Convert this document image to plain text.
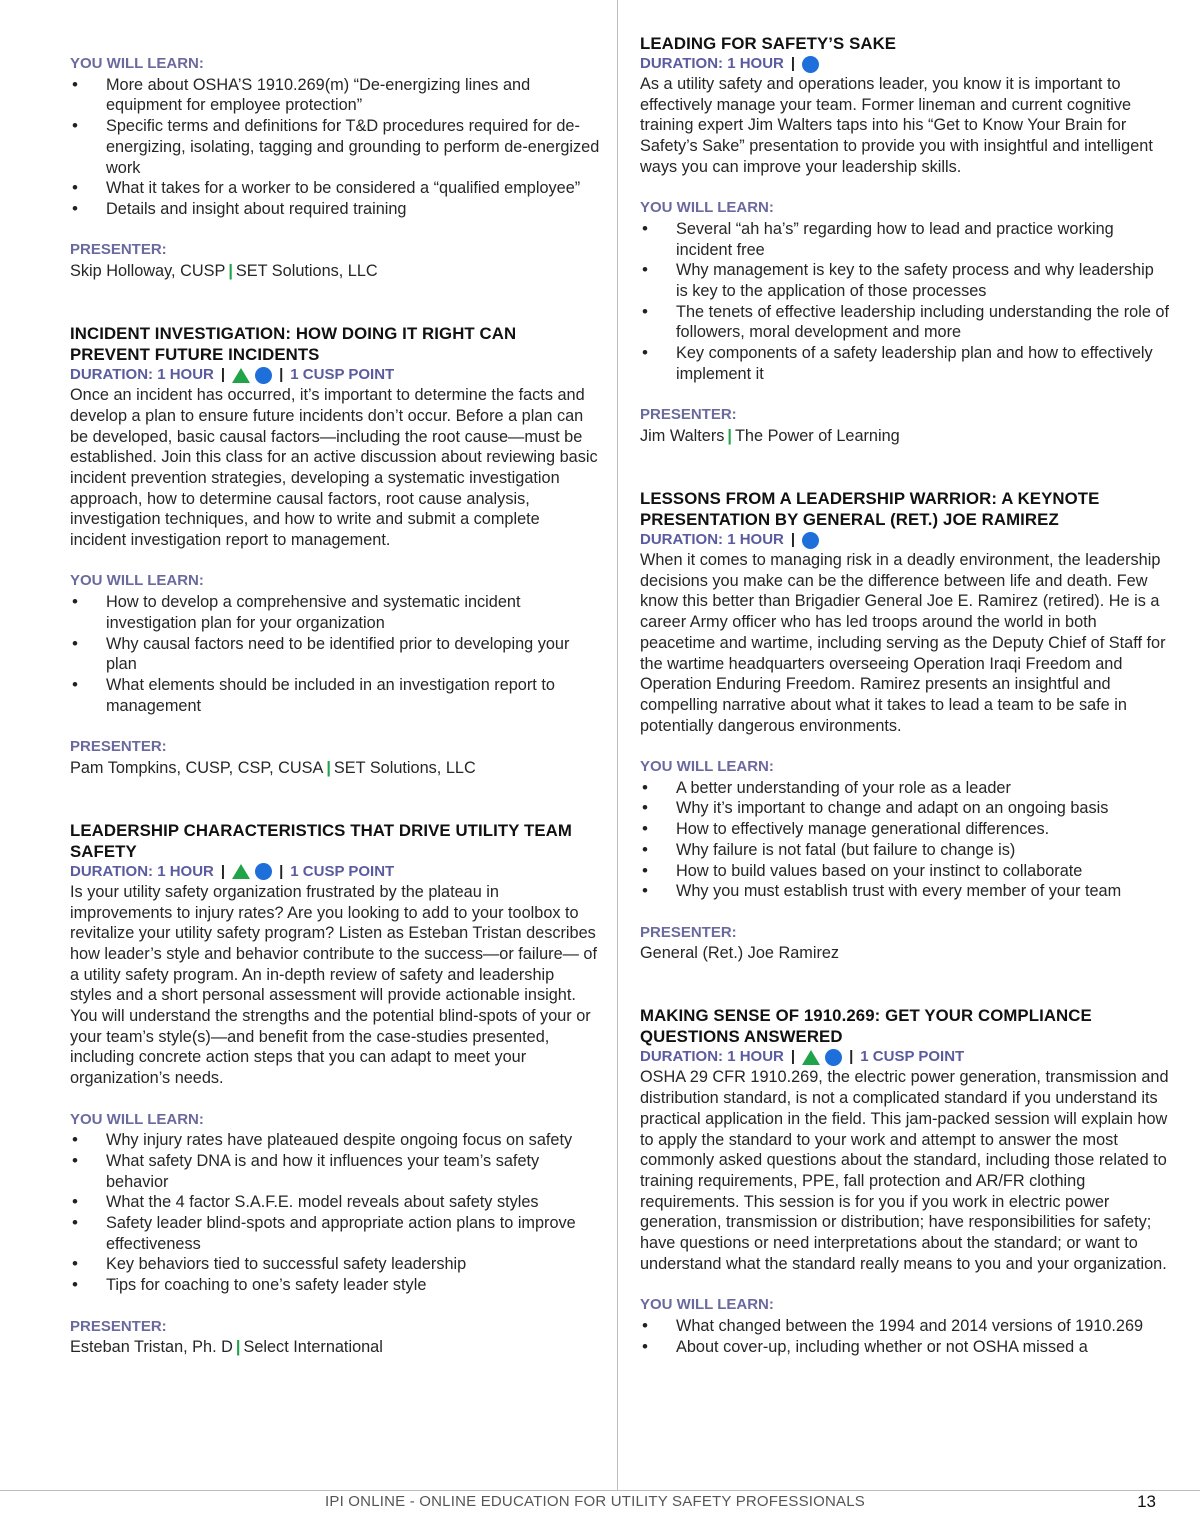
YOU WILL LEARN:

• More about OSHA’S 1910.269(m) “De-energizing lines and equipment for employee protection”
• Specific terms and definitions for T&D procedures required for de-energizing, isolating, tagging and grounding to perform de-energized work
• What it takes for a worker to be considered a “qualified employee”
• Details and insight about required training

PRESENTER:

Skip Holloway, CUSP | SET Solutions, LLC

INCIDENT INVESTIGATION: HOW DOING IT RIGHT CAN PREVENT FUTURE INCIDENTS
DURATION: 1 HOUR |	| 1 CUSP POINT

Once an incident has occurred, it’s important to determine the facts and develop a plan to ensure future incidents don’t occur. Before a plan can be developed, basic causal factors—including the root cause—must be established. Join this class for an active discussion about reviewing basic incident prevention strategies, developing a systematic investigation approach, how to determine causal factors, root cause analysis, investigation techniques, and how to write and submit a complete incident investigation report to management.

YOU WILL LEARN:

• How to develop a comprehensive and systematic incident investigation plan for your organization
• Why causal factors need to be identified prior to developing your plan
• What elements should be included in an investigation report to management

PRESENTER:

Pam Tompkins, CUSP, CSP, CUSA | SET Solutions, LLC

LEADERSHIP CHARACTERISTICS THAT DRIVE UTILITY TEAM SAFETY
DURATION: 1 HOUR |	| 1 CUSP POINT

Is your utility safety organization frustrated by the plateau in improvements to injury rates? Are you looking to add to your toolbox to revitalize your utility safety program? Listen as Esteban Tristan describes how leader’s style and behavior contribute to the success—or failure— of a utility safety program. An in-depth review of safety and leadership styles and a short personal assessment will provide actionable insight. You will understand the strengths and the potential blind-spots of your or your team’s style(s)—and benefit from the case-studies presented, including concrete action steps that you can adapt to meet your organization’s needs.

YOU WILL LEARN:

• Why injury rates have plateaued despite ongoing focus on safety
• What safety DNA is and how it influences your team’s safety behavior
• What the 4 factor S.A.F.E. model reveals about safety styles
• Safety leader blind-spots and appropriate action plans to improve effectiveness
• Key behaviors tied to successful safety leadership
• Tips for coaching to one’s safety leader style

PRESENTER:

Esteban Tristan, Ph. D | Select International

LEADING FOR SAFETY’S SAKE
DURATION: 1 HOUR |

As a utility safety and operations leader, you know it is important to effectively manage your team. Former lineman and current cognitive training expert Jim Walters taps into his “Get to Know Your Brain for Safety’s Sake” presentation to provide you with insightful and intelligent ways you can improve your leadership skills.

YOU WILL LEARN:

• Several “ah ha’s” regarding how to lead and practice working incident free
• Why management is key to the safety process and why leadership is key to the application of those processes
• The tenets of effective leadership including understanding the role of followers, moral development and more
• Key components of a safety leadership plan and how to effectively implement it

PRESENTER:

Jim Walters | The Power of Learning

LESSONS FROM A LEADERSHIP WARRIOR: A KEYNOTE PRESENTATION BY GENERAL (RET.) JOE RAMIREZ
DURATION: 1 HOUR |

When it comes to managing risk in a deadly environment, the leadership decisions you make can be the difference between life and death. Few know this better than Brigadier General Joe E. Ramirez (retired). He is a career Army officer who has led troops around the world in both peacetime and wartime, including serving as the Deputy Chief of Staff for the wartime headquarters overseeing Operation Iraqi Freedom and Operation Enduring Freedom. Ramirez presents an insightful and compelling narrative about what it takes to lead a team to be safe in potentially dangerous environments.

YOU WILL LEARN:

• A better understanding of your role as a leader
• Why it’s important to change and adapt on an ongoing basis
• How to effectively manage generational differences.
• Why failure is not fatal (but failure to change is)
• How to build values based on your instinct to collaborate
• Why you must establish trust with every member of your team

PRESENTER:

General (Ret.) Joe Ramirez

MAKING SENSE OF 1910.269: GET YOUR COMPLIANCE QUESTIONS ANSWERED
DURATION: 1 HOUR |	| 1 CUSP POINT

OSHA 29 CFR 1910.269, the electric power generation, transmission and distribution standard, is not a complicated standard if you understand its practical application in the field. This jam-packed session will explain how to apply the standard to your work and attempt to answer the most commonly asked questions about the standard, including those related to training requirements, PPE, fall protection and AR/FR clothing requirements. This session is for you if you work in electric power generation, transmission or distribution; have responsibilities for safety; have questions or need interpretations about the standard; or want to understand what the standard really means to you and your organization.

YOU WILL LEARN:

• What changed between the 1994 and 2014 versions of 1910.269
• About cover-up, including whether or not OSHA missed a
IPI ONLINE - ONLINE EDUCATION FOR UTILITY SAFETY PROFESSIONALS	13
